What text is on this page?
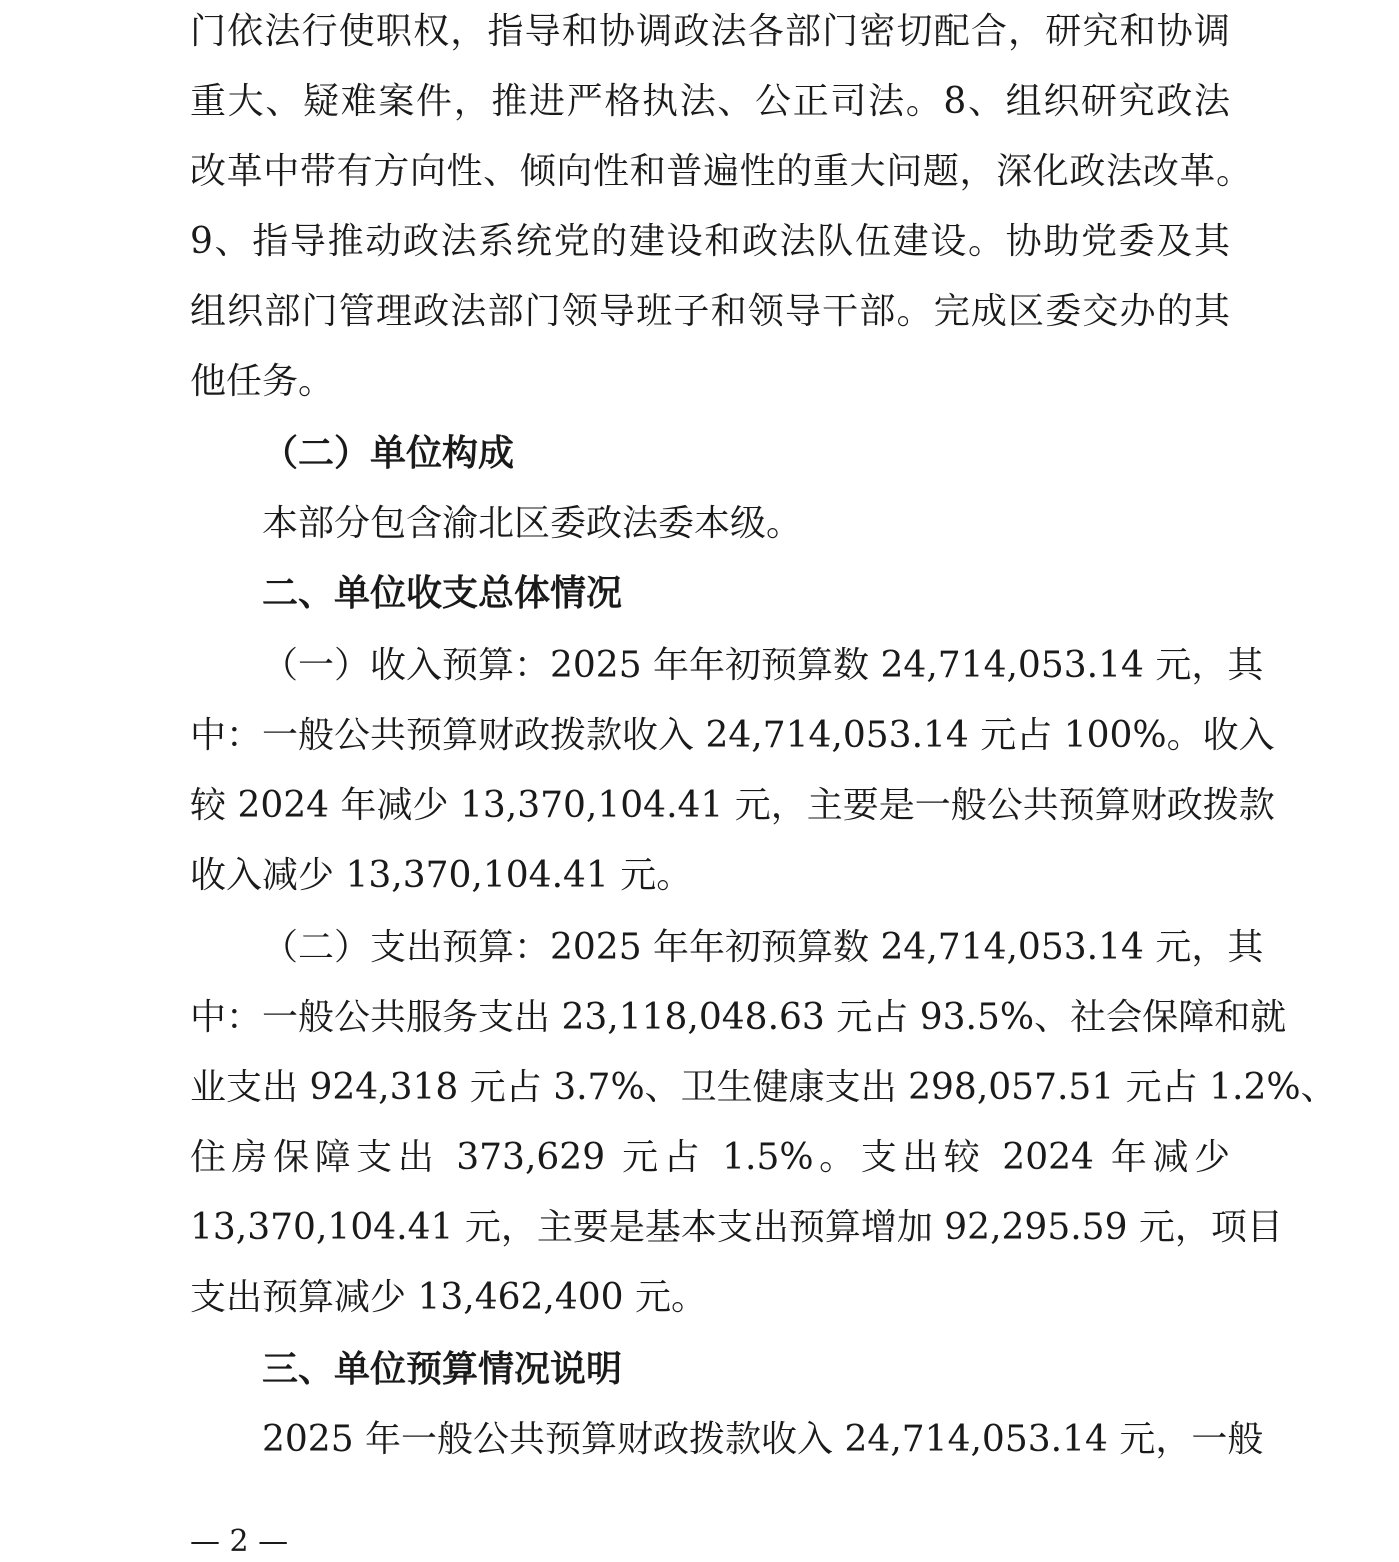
门依法行使职权，指导和协调政法各部门密切配合，研究和协调
重大、疑难案件，推进严格执法、公正司法。8、组织研究政法
改革中带有方向性、倾向性和普遍性的重大问题，深化政法改革。
9、指导推动政法系统党的建设和政法队伍建设。协助党委及其
组织部门管理政法部门领导班子和领导干部。完成区委交办的其
他任务。
（二）单位构成
本部分包含渝北区委政法委本级。
二、单位收支总体情况
（一）收入预算：2025 年年初预算数 24,714,053.14 元，其
中：一般公共预算财政拨款收入 24,714,053.14 元占 100%。收入
较 2024 年减少 13,370,104.41 元，主要是一般公共预算财政拨款
收入减少 13,370,104.41 元。
（二）支出预算：2025 年年初预算数 24,714,053.14 元，其
中：一般公共服务支出 23,118,048.63 元占 93.5%、社会保障和就
业支出 924,318 元占 3.7%、卫生健康支出 298,057.51 元占 1.2%、
住房保障支出 373,629 元占 1.5%。支出较 2024 年减少
13,370,104.41 元，主要是基本支出预算增加 92,295.59 元，项目
支出预算减少 13,462,400 元。
三、单位预算情况说明
2025 年一般公共预算财政拨款收入 24,714,053.14 元，一般
— 2 —
